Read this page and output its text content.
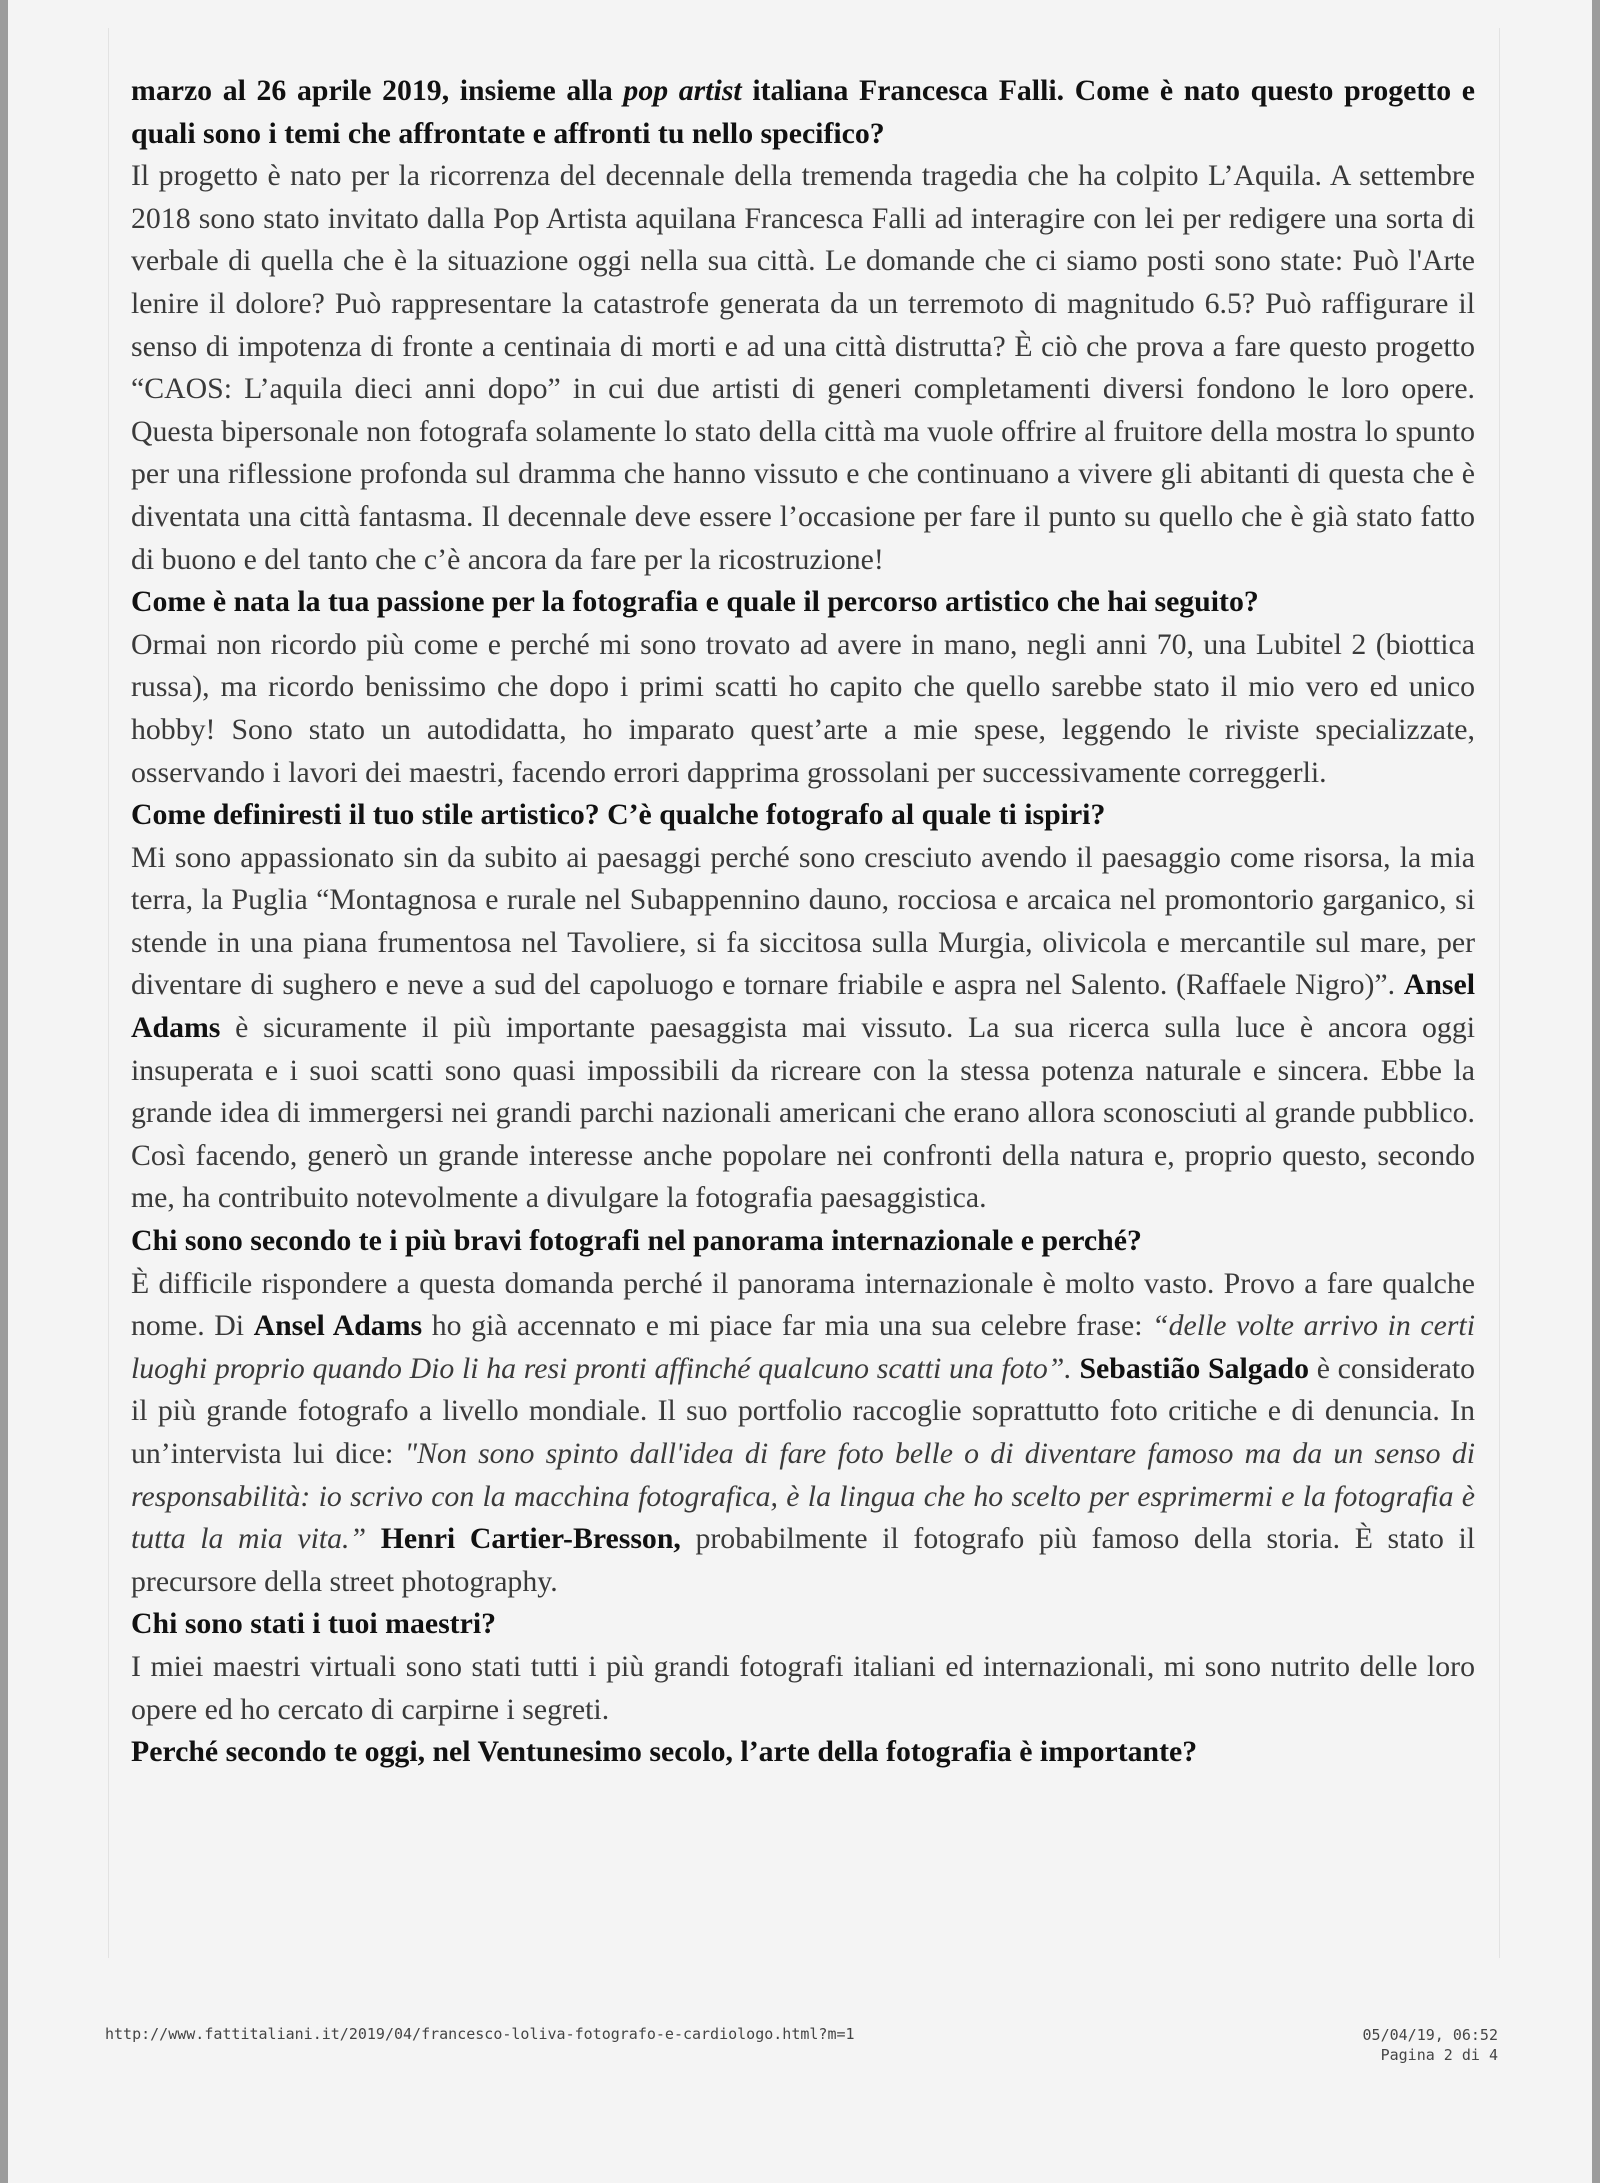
marzo al 26 aprile 2019, insieme alla pop artist italiana Francesca Falli. Come è nato questo progetto e quali sono i temi che affrontate e affronti tu nello specifico?

Il progetto è nato per la ricorrenza del decennale della tremenda tragedia che ha colpito L’Aquila. A settembre 2018 sono stato invitato dalla Pop Artista aquilana Francesca Falli ad interagire con lei per redigere una sorta di verbale di quella che è la situazione oggi nella sua città. Le domande che ci siamo posti sono state: Può l'Arte lenire il dolore? Può rappresentare la catastrofe generata da un terremoto di magnitudo 6.5? Può raffigurare il senso di impotenza di fronte a centinaia di morti e ad una città distrutta? È ciò che prova a fare questo progetto “CAOS: L’aquila dieci anni dopo” in cui due artisti di generi completamenti diversi fondono le loro opere. Questa bipersonale non fotografa solamente lo stato della città ma vuole offrire al fruitore della mostra lo spunto per una riflessione profonda sul dramma che hanno vissuto e che continuano a vivere gli abitanti di questa che è diventata una città fantasma. Il decennale deve essere l’occasione per fare il punto su quello che è già stato fatto di buono e del tanto che c’è ancora da fare per la ricostruzione!

Come è nata la tua passione per la fotografia e quale il percorso artistico che hai seguito?

Ormai non ricordo più come e perché mi sono trovato ad avere in mano, negli anni 70, una Lubitel 2 (biottica russa), ma ricordo benissimo che dopo i primi scatti ho capito che quello sarebbe stato il mio vero ed unico hobby! Sono stato un autodidatta, ho imparato quest’arte a mie spese, leggendo le riviste specializzate, osservando i lavori dei maestri, facendo errori dapprima grossolani per successivamente correggerli.

Come definiresti il tuo stile artistico? C’è qualche fotografo al quale ti ispiri?

Mi sono appassionato sin da subito ai paesaggi perché sono cresciuto avendo il paesaggio come risorsa, la mia terra, la Puglia “Montagnosa e rurale nel Subappennino dauno, rocciosa e arcaica nel promontorio garganico, si stende in una piana frumentosa nel Tavoliere, si fa siccitosa sulla Murgia, olivicola e mercantile sul mare, per diventare di sughero e neve a sud del capoluogo e tornare friabile e aspra nel Salento. (Raffaele Nigro)”. Ansel Adams è sicuramente il più importante paesaggista mai vissuto. La sua ricerca sulla luce è ancora oggi insuperata e i suoi scatti sono quasi impossibili da ricreare con la stessa potenza naturale e sincera. Ebbe la grande idea di immergersi nei grandi parchi nazionali americani che erano allora sconosciuti al grande pubblico. Così facendo, generò un grande interesse anche popolare nei confronti della natura e, proprio questo, secondo me, ha contribuito notevolmente a divulgare la fotografia paesaggistica.

Chi sono secondo te i più bravi fotografi nel panorama internazionale e perché?

È difficile rispondere a questa domanda perché il panorama internazionale è molto vasto. Provo a fare qualche nome. Di Ansel Adams ho già accennato e mi piace far mia una sua celebre frase: “delle volte arrivo in certi luoghi proprio quando Dio li ha resi pronti affinché qualcuno scatti una foto”. Sebastião Salgado è considerato il più grande fotografo a livello mondiale. Il suo portfolio raccoglie soprattutto foto critiche e di denuncia. In un’intervista lui dice: "Non sono spinto dall'idea di fare foto belle o di diventare famoso ma da un senso di responsabilità: io scrivo con la macchina fotografica, è la lingua che ho scelto per esprimermi e la fotografia è tutta la mia vita.” Henri Cartier-Bresson, probabilmente il fotografo più famoso della storia. È stato il precursore della street photography.

Chi sono stati i tuoi maestri?

I miei maestri virtuali sono stati tutti i più grandi fotografi italiani ed internazionali, mi sono nutrito delle loro opere ed ho cercato di carpirne i segreti.

Perché secondo te oggi, nel Ventunesimo secolo, l’arte della fotografia è importante?

http://www.fattitaliani.it/2019/04/francesco-loliva-fotografo-e-cardiologo.html?m=1	05/04/19, 06:52
Pagina 2 di 4
